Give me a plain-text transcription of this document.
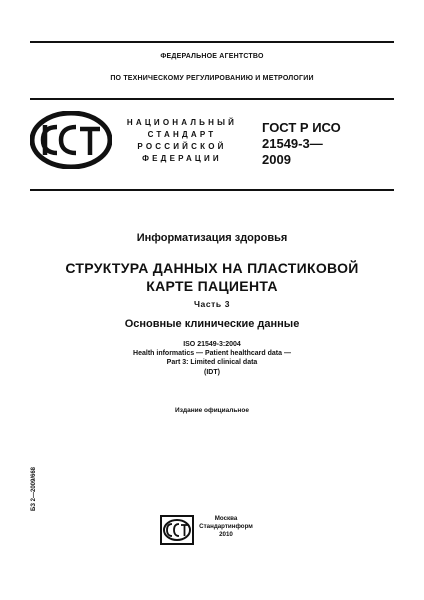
ФЕДЕРАЛЬНОЕ АГЕНТСТВО
ПО ТЕХНИЧЕСКОМУ РЕГУЛИРОВАНИЮ И МЕТРОЛОГИИ
НАЦИОНАЛЬНЫЙ
СТАНДАРТ
РОССИЙСКОЙ
ФЕДЕРАЦИИ
ГОСТ Р ИСО
21549-3—
2009
Информатизация здоровья
СТРУКТУРА ДАННЫХ НА ПЛАСТИКОВОЙ
КАРТЕ ПАЦИЕНТА
Часть 3
Основные клинические данные
ISO 21549-3:2004
Health informatics — Patient healthcard data —
Part 3: Limited clinical data
(IDT)
Издание официальное
БЗ 2—2009/668
Москва
Стандартинформ
2010
